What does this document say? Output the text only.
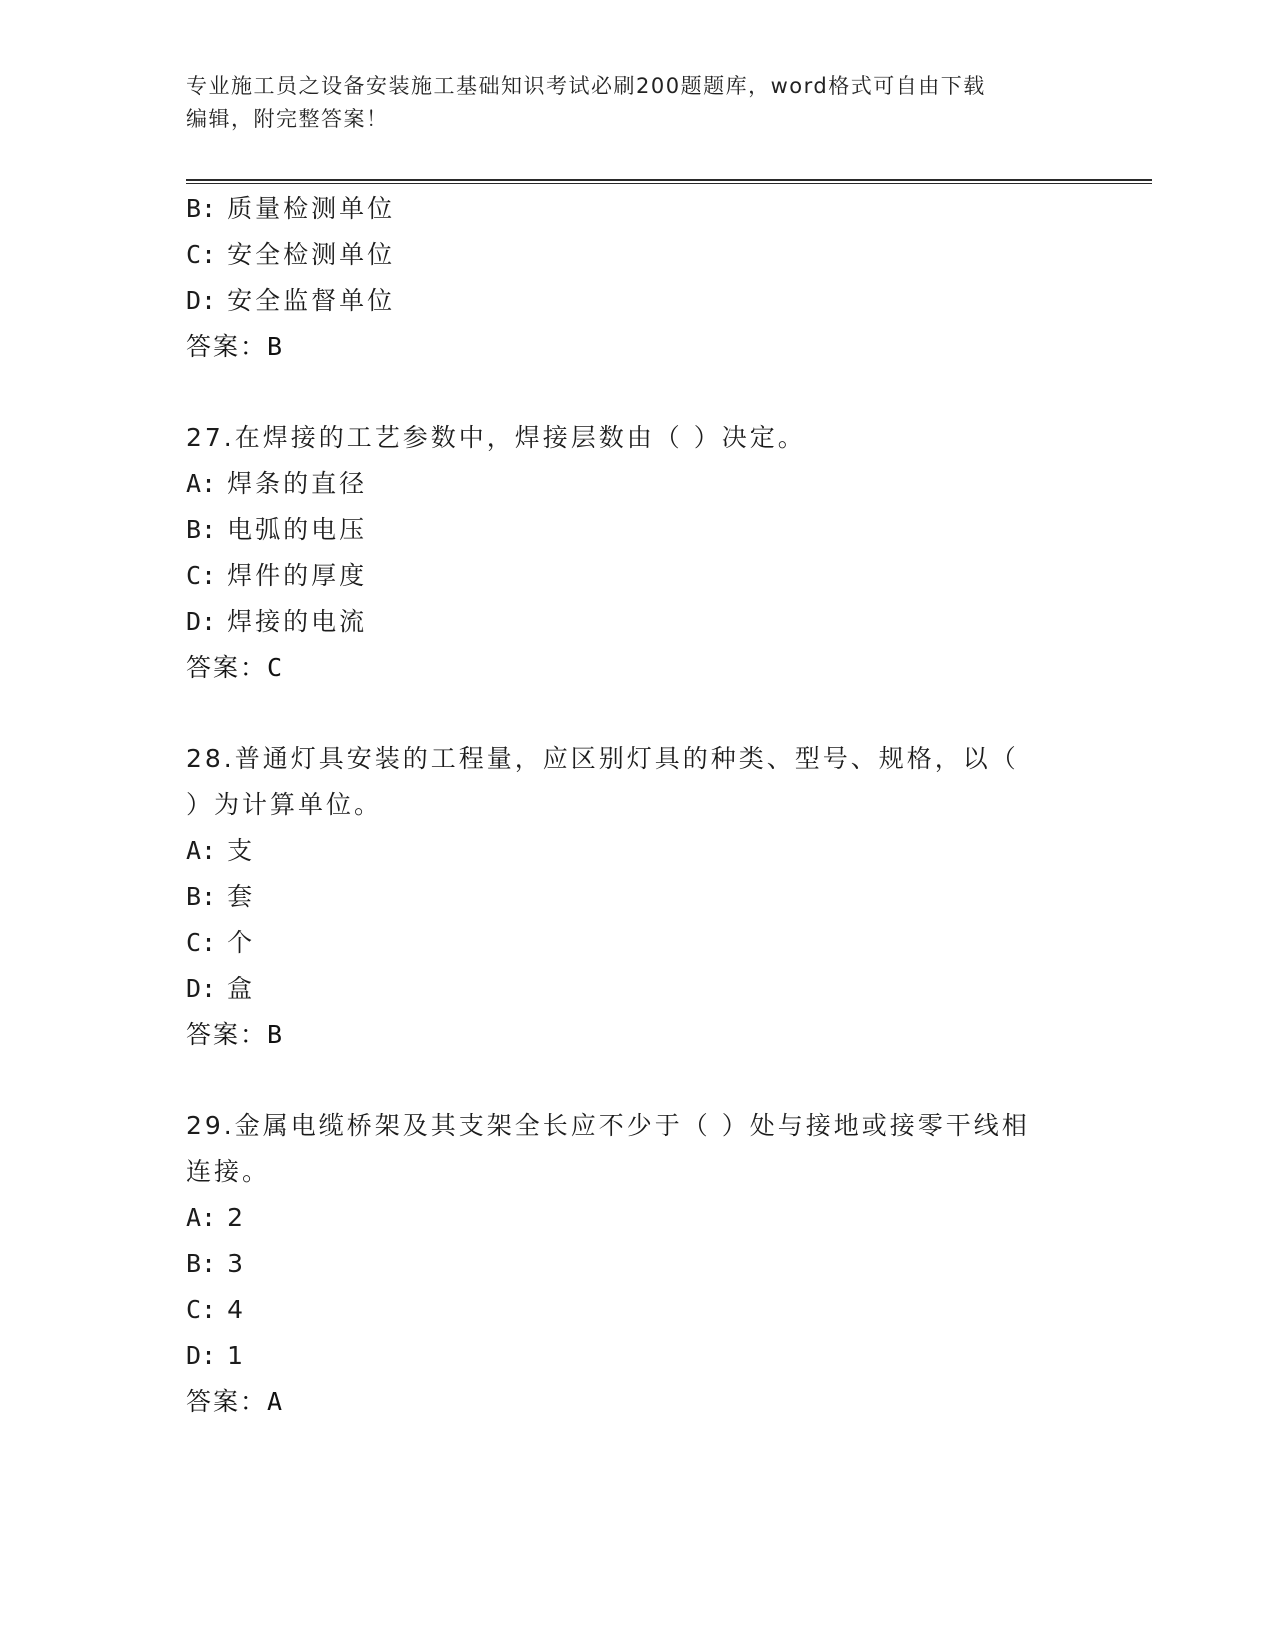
专业施工员之设备安装施工基础知识考试必刷200题题库，word格式可自由下载
编辑，附完整答案！
B: 质量检测单位
C: 安全检测单位
D: 安全监督单位
答案：B
27.在焊接的工艺参数中，焊接层数由（ ）决定。
A: 焊条的直径
B: 电弧的电压
C: 焊件的厚度
D: 焊接的电流
答案：C
28.普通灯具安装的工程量，应区别灯具的种类、型号、规格，以（
）为计算单位。
A: 支
B: 套
C: 个
D: 盒
答案：B
29.金属电缆桥架及其支架全长应不少于（ ）处与接地或接零干线相
连接。
A: 2
B: 3
C: 4
D: 1
答案：A
